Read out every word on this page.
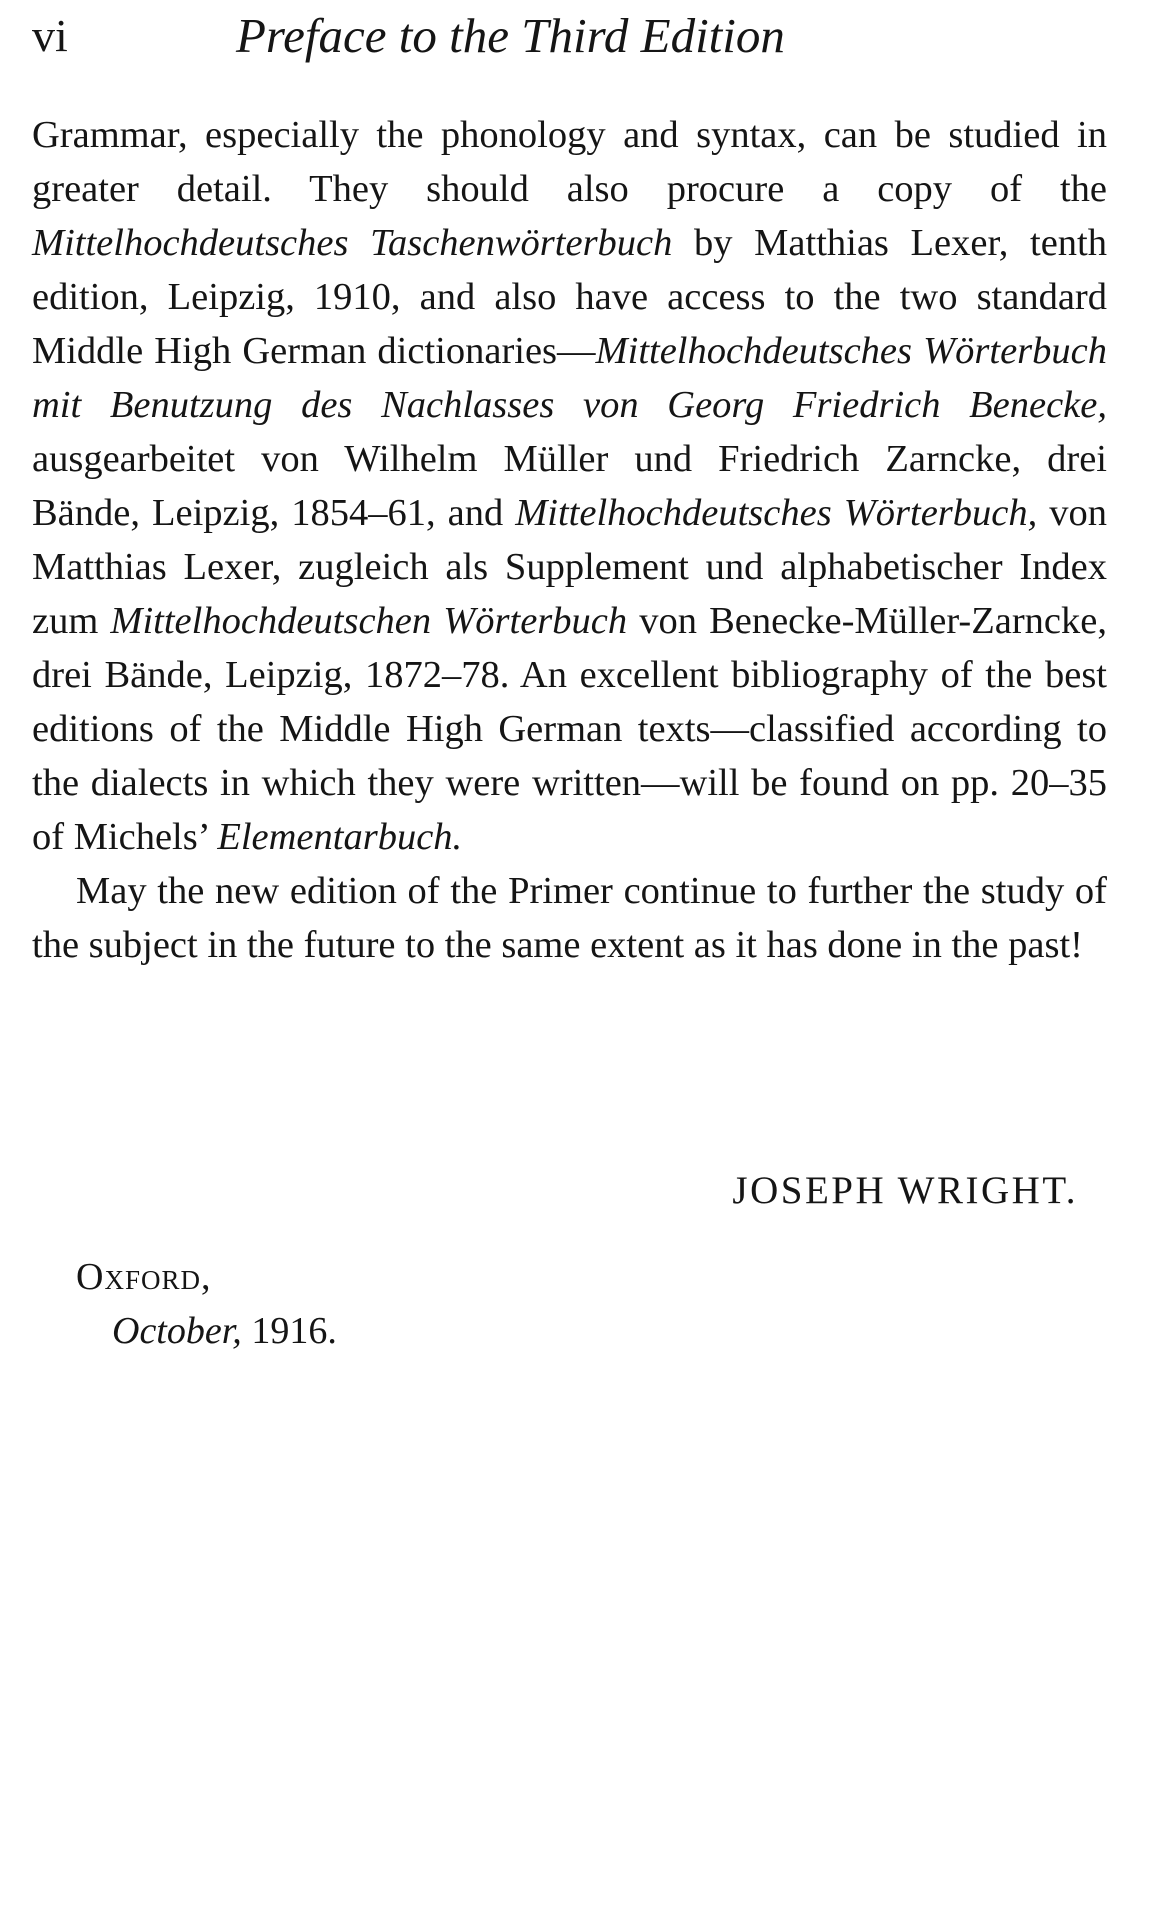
vi	Preface to the Third Edition

Grammar, especially the phonology and syntax, can be studied in greater detail. They should also procure a copy of the Mittelhochdeutsches Taschenwörterbuch by Matthias Lexer, tenth edition, Leipzig, 1910, and also have access to the two standard Middle High German dictionaries—Mittelhochdeutsches Wörterbuch mit Benutzung des Nachlasses von Georg Friedrich Benecke, ausgearbeitet von Wilhelm Müller und Friedrich Zarncke, drei Bände, Leipzig, 1854–61, and Mittelhochdeutsches Wörterbuch, von Matthias Lexer, zugleich als Supplement und alphabetischer Index zum Mittelhochdeutschen Wörterbuch von Benecke-Müller-Zarncke, drei Bände, Leipzig, 1872–78. An excellent bibliography of the best editions of the Middle High German texts—classified according to the dialects in which they were written—will be found on pp. 20–35 of Michels’ Elementarbuch.

May the new edition of the Primer continue to further the study of the subject in the future to the same extent as it has done in the past!

JOSEPH WRIGHT.
Oxford,
October, 1916.
